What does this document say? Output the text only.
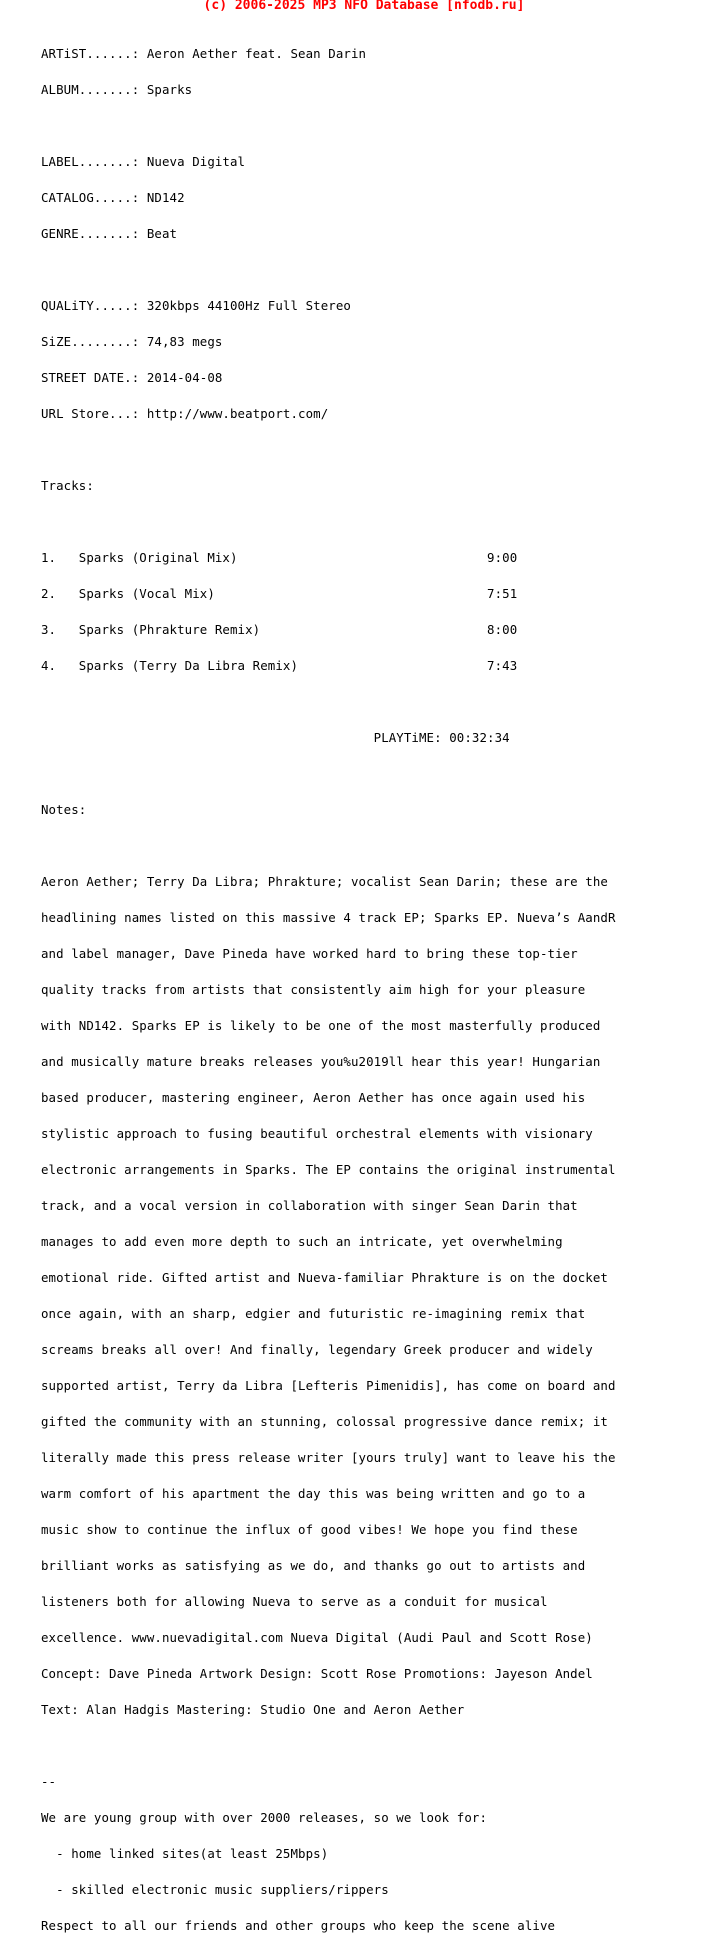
(c) 2006-2025 MP3 NFO Database [nfodb.ru]

ARTiST......: Aeron Aether feat. Sean Darin

ALBUM.......: Sparks

LABEL.......: Nueva Digital

CATALOG.....: ND142

GENRE.......: Beat

QUALiTY.....: 320kbps 44100Hz Full Stereo

SiZE........: 74,83 megs

STREET DATE.: 2014-04-08

URL Store...: http://www.beatport.com/

Tracks:

1.   Sparks (Original Mix)                                 9:00

2.   Sparks (Vocal Mix)                                    7:51

3.   Sparks (Phrakture Remix)                              8:00

4.   Sparks (Terry Da Libra Remix)                         7:43

PLAYTiME: 00:32:34

Notes:

Aeron Aether; Terry Da Libra; Phrakture; vocalist Sean Darin; these are the

headlining names listed on this massive 4 track EP; Sparks EP. Nueva’s AandR

and label manager, Dave Pineda have worked hard to bring these top-tier

quality tracks from artists that consistently aim high for your pleasure

with ND142. Sparks EP is likely to be one of the most masterfully produced

and musically mature breaks releases you%u2019ll hear this year! Hungarian

based producer, mastering engineer, Aeron Aether has once again used his

stylistic approach to fusing beautiful orchestral elements with visionary

electronic arrangements in Sparks. The EP contains the original instrumental

track, and a vocal version in collaboration with singer Sean Darin that

manages to add even more depth to such an intricate, yet overwhelming

emotional ride. Gifted artist and Nueva-familiar Phrakture is on the docket

once again, with an sharp, edgier and futuristic re-imagining remix that

screams breaks all over! And finally, legendary Greek producer and widely

supported artist, Terry da Libra [Lefteris Pimenidis], has come on board and

gifted the community with an stunning, colossal progressive dance remix; it

literally made this press release writer [yours truly] want to leave his the

warm comfort of his apartment the day this was being written and go to a

music show to continue the influx of good vibes! We hope you find these

brilliant works as satisfying as we do, and thanks go out to artists and

listeners both for allowing Nueva to serve as a conduit for musical

excellence. www.nuevadigital.com Nueva Digital (Audi Paul and Scott Rose)

Concept: Dave Pineda Artwork Design: Scott Rose Promotions: Jayeson Andel

Text: Alan Hadgis Mastering: Studio One and Aeron Aether

--

We are young group with over 2000 releases, so we look for:

- home linked sites(at least 25Mbps)

- skilled electronic music suppliers/rippers

Respect to all our friends and other groups who keep the scene alive
